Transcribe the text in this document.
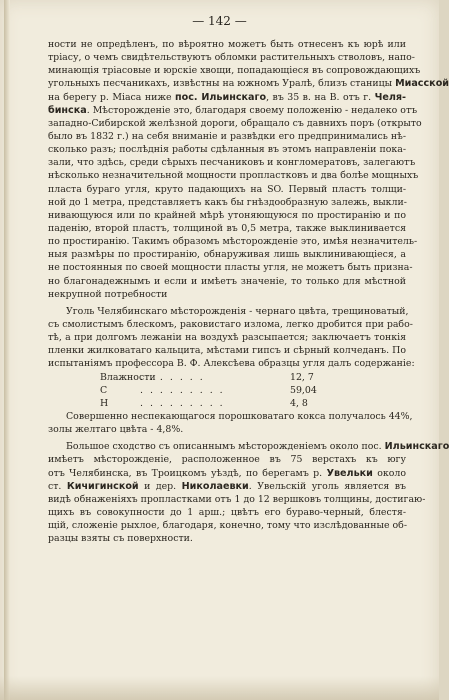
— 142 —
ности не опредѣленъ, по вѣроятно можетъ быть отнесенъ къ юрѣ или
тріасу, о чемъ свидѣтельствуютъ обломки растительныхъ стволовъ, напо-
минающія тріасовые и юрскіе хвощи, попадающіеся въ сопровождающихъ
угольныхъ песчаникахъ, извѣстны на южномъ Уралѣ, близъ станицы Миасской
на берегу р. Міаса ниже пос. Ильинскаго, въ 35 в. на В. отъ г. Челя-
бинска. Мѣсторожденіе это, благодаря своему положенію - недалеко отъ
западно-Сибирской желѣзной дороги, обращало съ давнихъ поръ (открыто
было въ 1832 г.) на себя вниманіе и развѣдки его предпринимались нѣ-
сколько разъ; послѣднія работы сдѣланныя въ этомъ направленіи пока-
зали, что здѣсь, среди сѣрыхъ песчаниковъ и конгломератовъ, залегаютъ
нѣсколько незначительной мощности пропластковъ и два болѣе мощныхъ
пласта бураго угля, круто падающихъ на SO. Первый пластъ толщи-
ной до 1 метра, представляетъ какъ бы гнѣздообразную залежь, выкли-
нивающуюся или по крайней мѣрѣ утоняющуюся по простиранію и по
паденію, второй пластъ, толщиной въ 0,5 метра, также выклинивается
по простиранію. Такимъ образомъ мѣсторожденіе это, имѣя незначитель-
ныя размѣры по простиранію, обнаруживая лишь выклинивающіеся, а
не постоянныя по своей мощности пласты угля, не можетъ быть призна-
но благонадежнымъ и если и имѣетъ значеніе, то только для мѣстной
некрупной потребности
Уголь Челябинскаго мѣсторожденія - чернаго цвѣта, трещиноватый,
съ смолистымъ блескомъ, раковистаго излома, легко дробится при рабо-
тѣ, а при долгомъ лежаніи на воздухѣ разсыпается; заключаетъ тонкія
пленки жилковатаго кальцита, мѣстами гипсъ и сѣрный колчеданъ. По
испытаніямъ профессора В. Ф. Алексѣева образцы угля далъ содержаніе:
Влажности. . . . . . .	12, 7
С	. . . . . . . . .	59,04
Н	. . . . . . . . .	4, 8
Совершенно неспекающагося порошковатаго кокса получалось 44%,
золы желтаго цвѣта - 4,8%.
Большое сходство съ описаннымъ мѣсторожденіемъ около пос. Ильинскаго
имѣетъ мѣсторожденіе, расположенное въ 75 верстахъ къ югу
отъ Челябинска, въ Троицкомъ уѣздѣ, по берегамъ р. Увельки около
ст. Кичигинской и дер. Николаевки. Увельскій уголь является въ
видѣ обнаженіяхъ пропластками отъ 1 до 12 вершковъ толщины, достигаю-
щихъ въ совокупности до 1 арш.; цвѣтъ его бураво-черный, блестя-
щій, сложеніе рыхлое, благодаря, конечно, тому что изслѣдованные об-
разцы взяты съ поверхности.
